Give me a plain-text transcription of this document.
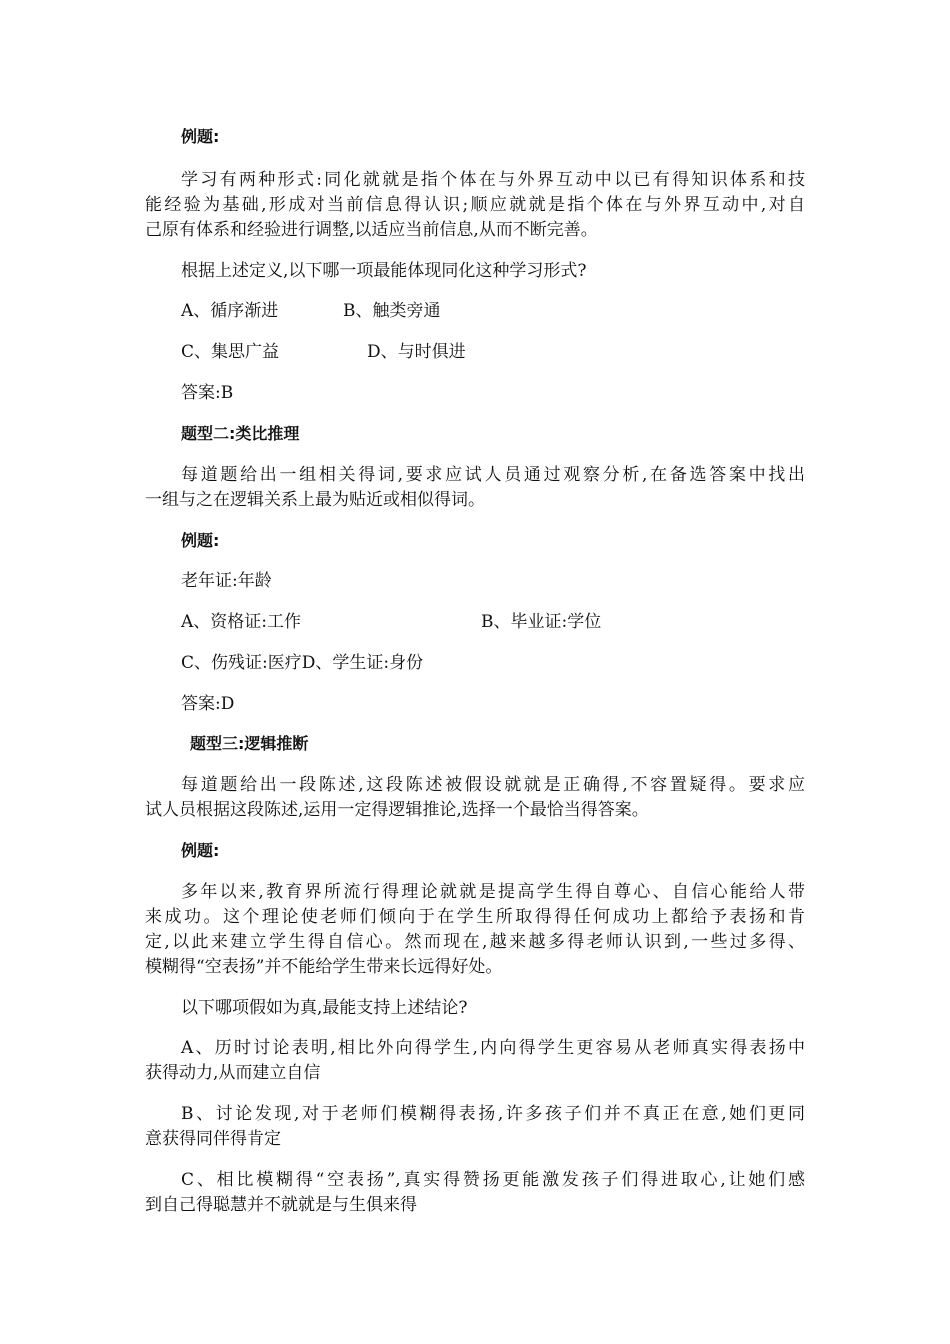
例题:
学习有两种形式:同化就就是指个体在与外界互动中以已有得知识体系和技
能经验为基础,形成对当前信息得认识;顺应就就是指个体在与外界互动中,对自
己原有体系和经验进行调整,以适应当前信息,从而不断完善。
根据上述定义,以下哪一项最能体现同化这种学习形式?
A、循序渐进	B、触类旁通
C、集思广益	D、与时俱进
答案:B
题型二:类比推理
每道题给出一组相关得词,要求应试人员通过观察分析,在备选答案中找出
一组与之在逻辑关系上最为贴近或相似得词。
例题:
老年证:年龄
A、资格证:工作	B、毕业证:学位
C、伤残证:医疗D、学生证:身份
答案:D
题型三:逻辑推断
每道题给出一段陈述,这段陈述被假设就就是正确得,不容置疑得。要求应
试人员根据这段陈述,运用一定得逻辑推论,选择一个最恰当得答案。
例题:
多年以来,教育界所流行得理论就就是提高学生得自尊心、自信心能给人带
来成功。这个理论使老师们倾向于在学生所取得得任何成功上都给予表扬和肯
定,以此来建立学生得自信心。然而现在,越来越多得老师认识到,一些过多得、
模糊得“空表扬”并不能给学生带来长远得好处。
以下哪项假如为真,最能支持上述结论?
A、历时讨论表明,相比外向得学生,内向得学生更容易从老师真实得表扬中
获得动力,从而建立自信
B、讨论发现,对于老师们模糊得表扬,许多孩子们并不真正在意,她们更同
意获得同伴得肯定
C、相比模糊得“空表扬”,真实得赞扬更能激发孩子们得进取心,让她们感
到自己得聪慧并不就就是与生俱来得
